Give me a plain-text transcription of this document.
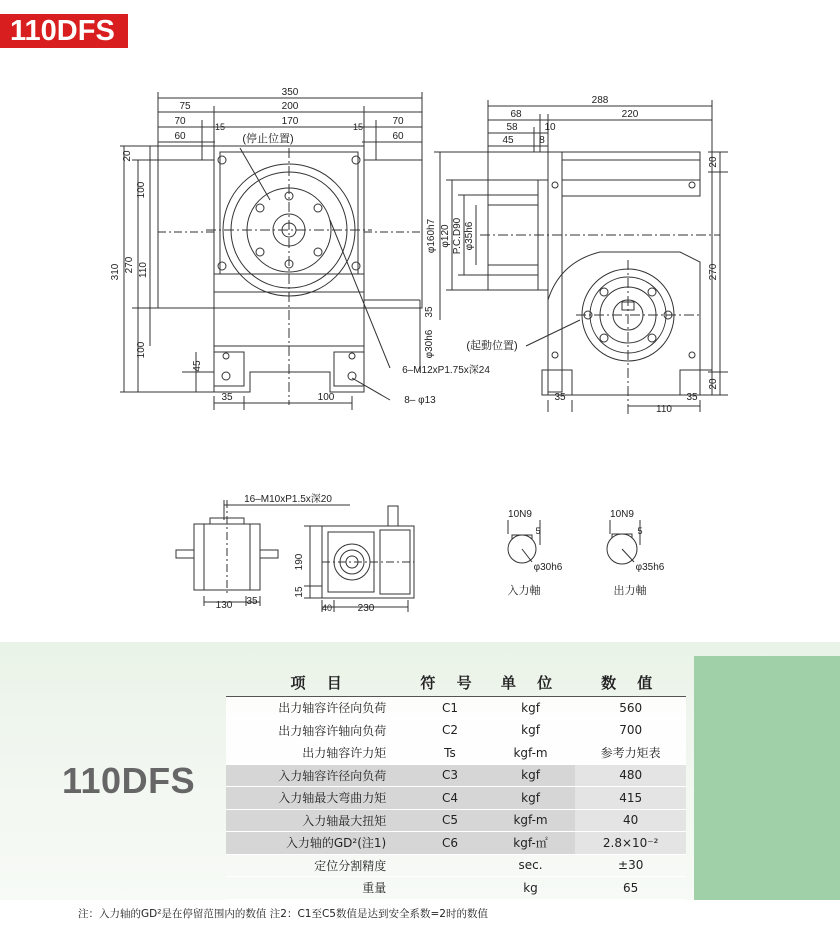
110DFS
350
75	200
70	15	170	15	70
60	60
(停止位置)
20
100
310 270 110
100
45
35	100
35
φ30h6
6–M12xP1.75x深24
8– φ13
288
68	220
58	10
45	8
20
φ160h7 φ120 P.C.D90 φ35h6
270
20
(起動位置)
35
110
35
16–M10xP1.5x深20
130 35
190
15
40	230
10N9
5
φ30h6
入力軸
10N9
5
φ35h6
出力軸
110DFS
项 目	符 号	单 位	数 值
出力轴容许径向负荷	C1	kgf	560
出力轴容许轴向负荷	C2	kgf	700
出力轴容许力矩	Ts	kgf-m	参考力矩表
入力轴容许径向负荷	C3	kgf	480
入力轴最大弯曲力矩	C4	kgf	415
入力轴最大扭矩	C5	kgf-m	40
入力轴的GD²(注1)	C6	kgf-㎡	2.8×10⁻²
定位分割精度		sec.	±30
重量		kg	65
注：入力轴的GD²是在停留范围内的数值 注2：C1至C5数值是达到安全系数=2时的数值
